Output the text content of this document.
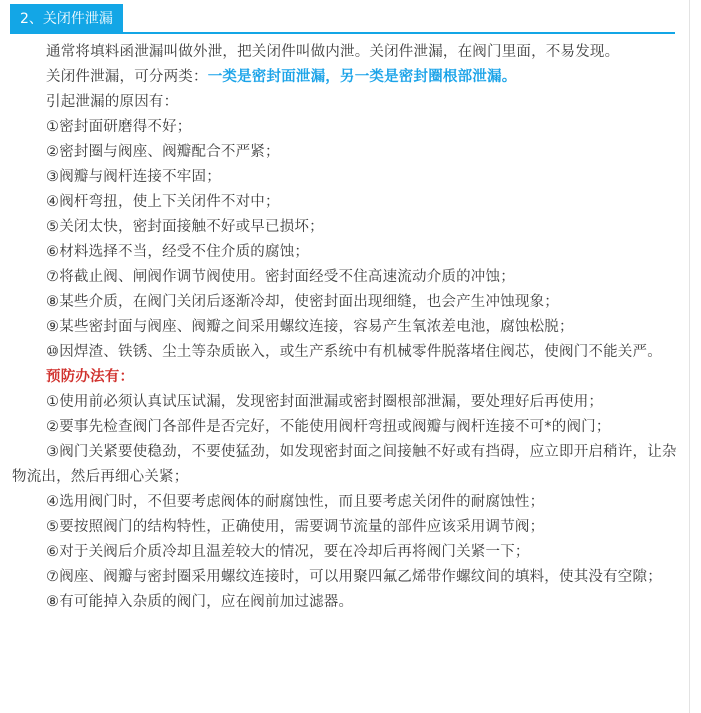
2、关闭件泄漏

通常将填料函泄漏叫做外泄，把关闭件叫做内泄。关闭件泄漏，在阀门里面，不易发现。

关闭件泄漏，可分两类：一类是密封面泄漏，另一类是密封圈根部泄漏。

引起泄漏的原因有：

①密封面研磨得不好；

②密封圈与阀座、阀瓣配合不严紧；

③阀瓣与阀杆连接不牢固；

④阀杆弯扭，使上下关闭件不对中；

⑤关闭太快，密封面接触不好或早已损坏；

⑥材料选择不当，经受不住介质的腐蚀；

⑦将截止阀、闸阀作调节阀使用。密封面经受不住高速流动介质的冲蚀；

⑧某些介质，在阀门关闭后逐渐冷却，使密封面出现细缝，也会产生冲蚀现象；

⑨某些密封面与阀座、阀瓣之间采用螺纹连接，容易产生氧浓差电池，腐蚀松脱；

⑩因焊渣、铁锈、尘土等杂质嵌入，或生产系统中有机械零件脱落堵住阀芯，使阀门不能关严。

预防办法有：

①使用前必须认真试压试漏，发现密封面泄漏或密封圈根部泄漏，要处理好后再使用；

②要事先检查阀门各部件是否完好，不能使用阀杆弯扭或阀瓣与阀杆连接不可*的阀门；

③阀门关紧要使稳劲，不要使猛劲，如发现密封面之间接触不好或有挡碍，应立即开启稍许，让杂物流出，然后再细心关紧；

④选用阀门时，不但要考虑阀体的耐腐蚀性，而且要考虑关闭件的耐腐蚀性；

⑤要按照阀门的结构特性，正确使用，需要调节流量的部件应该采用调节阀；

⑥对于关阀后介质冷却且温差较大的情况，要在冷却后再将阀门关紧一下；

⑦阀座、阀瓣与密封圈采用螺纹连接时，可以用聚四氟乙烯带作螺纹间的填料，使其没有空隙；

⑧有可能掉入杂质的阀门，应在阀前加过滤器。
